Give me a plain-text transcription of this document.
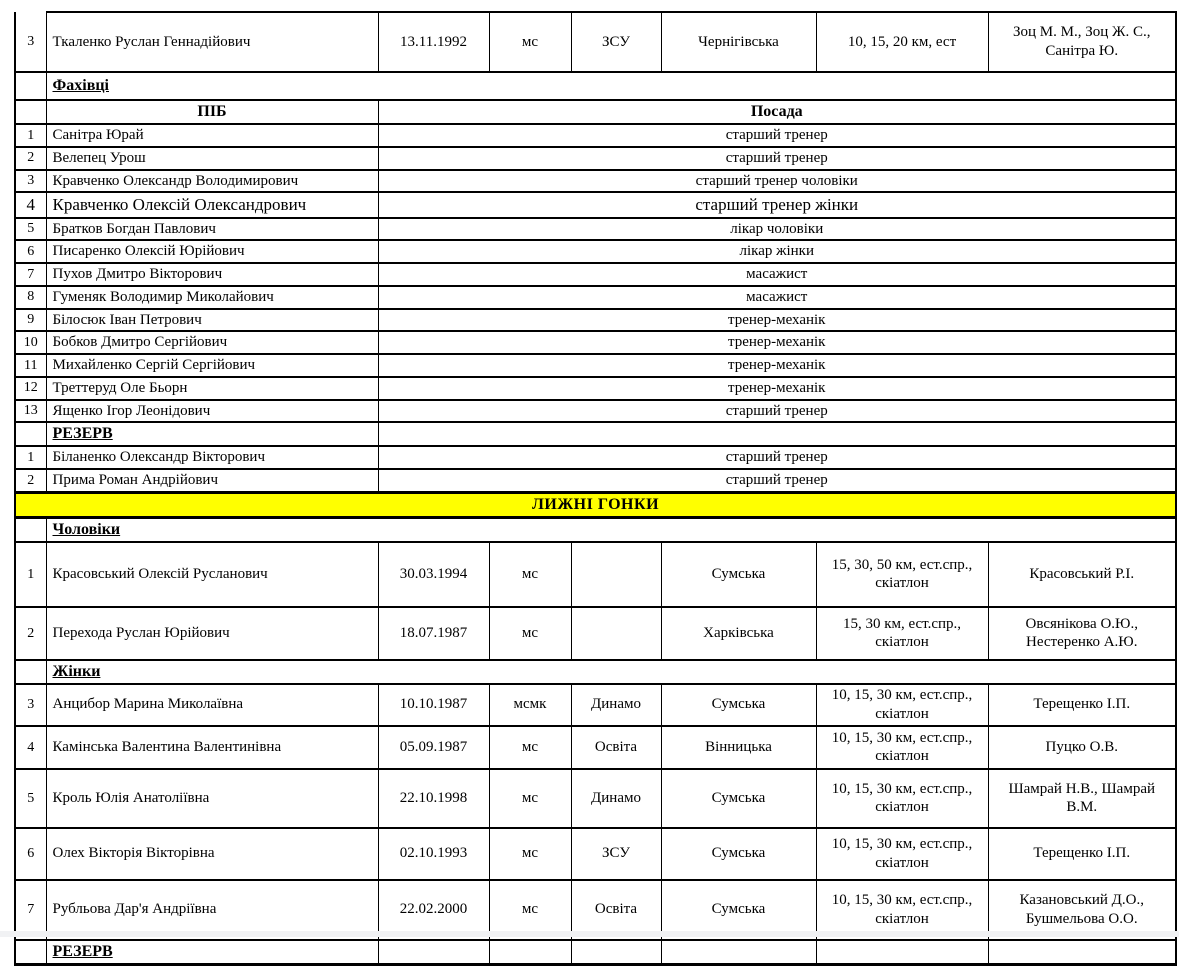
3	Ткаленко Руслан Геннадійович	13.11.1992	мс	ЗСУ	Чернігівська	10, 15, 20 км, ест	Зоц М. М., Зоц Ж. С., Санітра Ю.
	Фахівці						
	ПІБ	Посада					
1	Санітра Юрай	старший тренер					
2	Велепец Урош	старший тренер					
3	Кравченко Олександр Володимирович	старший тренер чоловіки					
4	Кравченко Олексій Олександрович	старший тренер жінки					
5	Братков Богдан Павлович	лікар чоловіки					
6	Писаренко Олексій Юрійович	лікар жінки					
7	Пухов Дмитро Вікторович	масажист					
8	Гуменяк Володимир Миколайович	масажист					
9	Білосюк Іван Петрович	тренер-механік					
10	Бобков Дмитро Сергійович	тренер-механік					
11	Михайленко Сергій Сергійович	тренер-механік					
12	Треттеруд Оле Бьорн	тренер-механік					
13	Ященко Ігор Леонідович	старший тренер					
	РЕЗЕРВ						
1	Біланенко Олександр Вікторович	старший тренер					
2	Прима Роман Андрійович	старший тренер					
ЛИЖНІ ГОНКИ							
	Чоловіки						
1	Красовський Олексій Русланович	30.03.1994	мс		Сумська	15, 30, 50 км, ест.спр., скіатлон	Красовський Р.І.
2	Перехода Руслан Юрійович	18.07.1987	мс		Харківська	15, 30 км, ест.спр., скіатлон	Овсянікова О.Ю., Нестеренко А.Ю.
	Жінки						
3	Анцибор Марина Миколаївна	10.10.1987	мсмк	Динамо	Сумська	10, 15, 30 км, ест.спр., скіатлон	Терещенко І.П.
4	Камінська Валентина Валентинівна	05.09.1987	мс	Освіта	Вінницька	10, 15, 30 км, ест.спр., скіатлон	Пуцко О.В.
5	Кроль Юлія Анатоліївна	22.10.1998	мс	Динамо	Сумська	10, 15, 30 км, ест.спр., скіатлон	Шамрай Н.В., Шамрай В.М.
6	Олех Вікторія Вікторівна	02.10.1993	мс	ЗСУ	Сумська	10, 15, 30 км, ест.спр., скіатлон	Терещенко І.П.
7	Рубльова Дар'я Андріївна	22.02.2000	мс	Освіта	Сумська	10, 15, 30 км, ест.спр., скіатлон	Казановський Д.О., Бушмельова О.О.
	РЕЗЕРВ						
